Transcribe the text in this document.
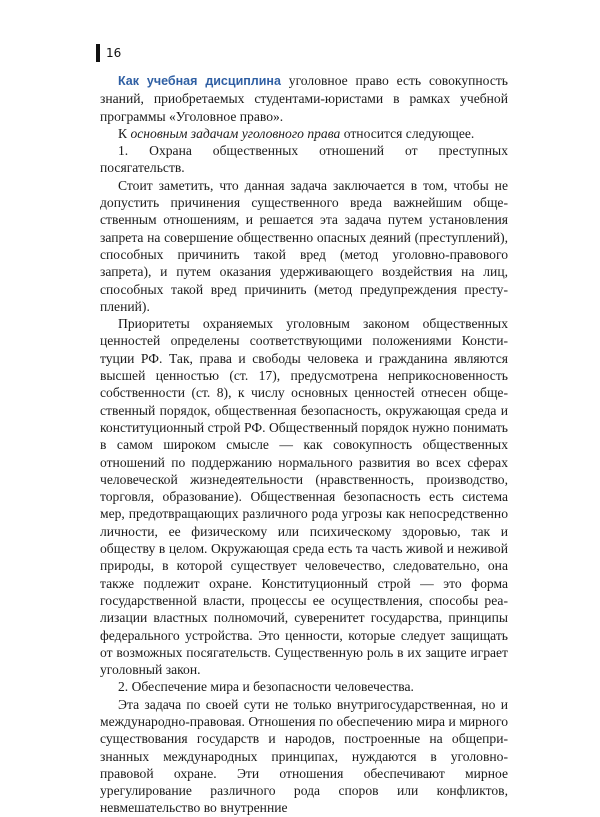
16

Как учебная дисциплина уголовное право есть совокупность знаний, приобретаемых студентами-юристами в рамках учебной программы «Уголовное право».

К основным задачам уголовного права относится следующее.

1. Охрана общественных отношений от преступных посягательств.

Стоит заметить, что данная задача заключается в том, чтобы не допустить причинения существенного вреда важнейшим общественным отношениям, и решается эта задача путем установления запрета на совершение общественно опасных деяний (преступлений), способных причинить такой вред (метод уголовно-правового запрета), и путем оказания удерживающего воздействия на лиц, способных такой вред причинить (метод предупреждения преступлений).

Приоритеты охраняемых уголовным законом общественных ценностей определены соответствующими положениями Конституции РФ. Так, права и свободы человека и гражданина являются высшей ценностью (ст. 17), предусмотрена неприкосновенность собственности (ст. 8), к числу основных ценностей отнесен общественный порядок, общественная безопасность, окружающая среда и конституционный строй РФ. Общественный порядок нужно понимать в самом широком смысле — как совокупность общественных отношений по поддержанию нормального развития во всех сферах человеческой жизнедеятельности (нравственность, производство, торговля, образование). Общественная безопасность есть система мер, предотвращающих различного рода угрозы как непосредственно личности, ее физическому или психическому здоровью, так и обществу в целом. Окружающая среда есть та часть живой и неживой природы, в которой существует человечество, следовательно, она также подлежит охране. Конституционный строй — это форма государственной власти, процессы ее осуществления, способы реализации властных полномочий, суверенитет государства, принципы федерального устройства. Это ценности, которые следует защищать от возможных посягательств. Существенную роль в их защите играет уголовный закон.

2. Обеспечение мира и безопасности человечества.

Эта задача по своей сути не только внутригосударственная, но и международно-правовая. Отношения по обеспечению мира и мирного существования государств и народов, построенные на общепризнанных международных принципах, нуждаются в уголовно-правовой охране. Эти отношения обеспечивают мирное урегулирование различного рода споров или конфликтов, невмешательство во внутренние
